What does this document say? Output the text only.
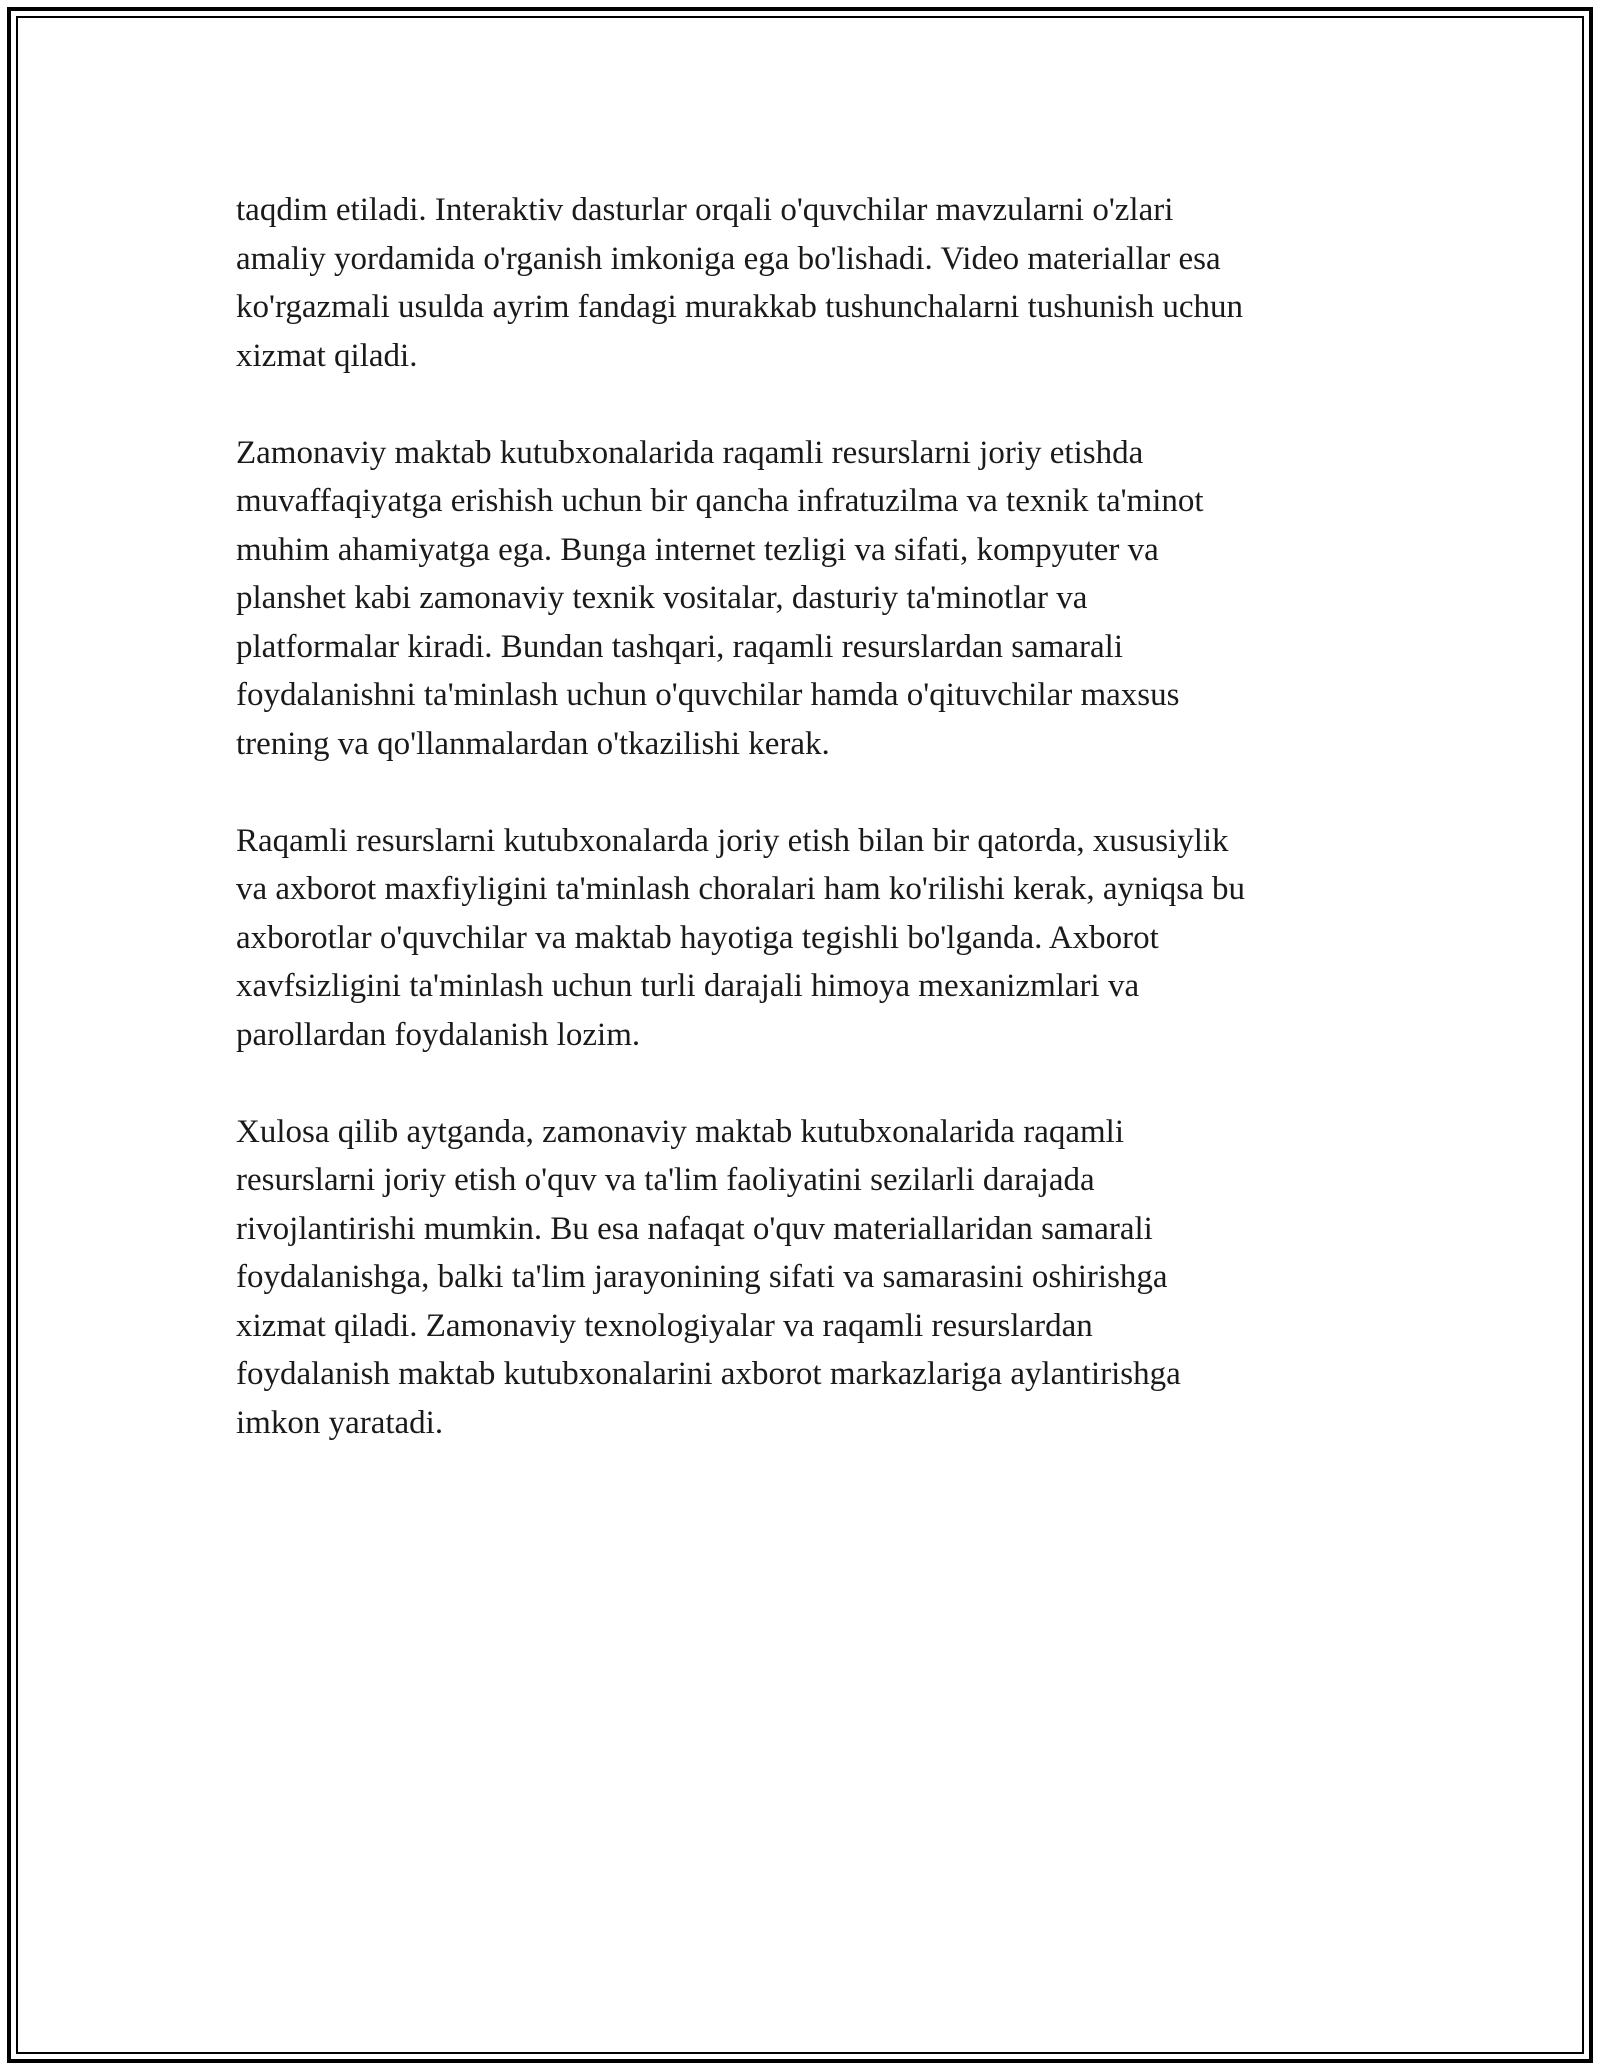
taqdim etiladi. Interaktiv dasturlar orqali o'quvchilar mavzularni o'zlari
amaliy yordamida o'rganish imkoniga ega bo'lishadi. Video materiallar esa
ko'rgazmali usulda ayrim fandagi murakkab tushunchalarni tushunish uchun
xizmat qiladi.

Zamonaviy maktab kutubxonalarida raqamli resurslarni joriy etishda
muvaffaqiyatga erishish uchun bir qancha infratuzilma va texnik ta'minot
muhim ahamiyatga ega. Bunga internet tezligi va sifati, kompyuter va
planshet kabi zamonaviy texnik vositalar, dasturiy ta'minotlar va
platformalar kiradi. Bundan tashqari, raqamli resurslardan samarali
foydalanishni ta'minlash uchun o'quvchilar hamda o'qituvchilar maxsus
trening va qo'llanmalardan o'tkazilishi kerak.

Raqamli resurslarni kutubxonalarda joriy etish bilan bir qatorda, xususiylik
va axborot maxfiyligini ta'minlash choralari ham ko'rilishi kerak, ayniqsa bu
axborotlar o'quvchilar va maktab hayotiga tegishli bo'lganda. Axborot
xavfsizligini ta'minlash uchun turli darajali himoya mexanizmlari va
parollardan foydalanish lozim.

Xulosa qilib aytganda, zamonaviy maktab kutubxonalarida raqamli
resurslarni joriy etish o'quv va ta'lim faoliyatini sezilarli darajada
rivojlantirishi mumkin. Bu esa nafaqat o'quv materiallaridan samarali
foydalanishga, balki ta'lim jarayonining sifati va samarasini oshirishga
xizmat qiladi. Zamonaviy texnologiyalar va raqamli resurslardan
foydalanish maktab kutubxonalarini axborot markazlariga aylantirishga
imkon yaratadi.
